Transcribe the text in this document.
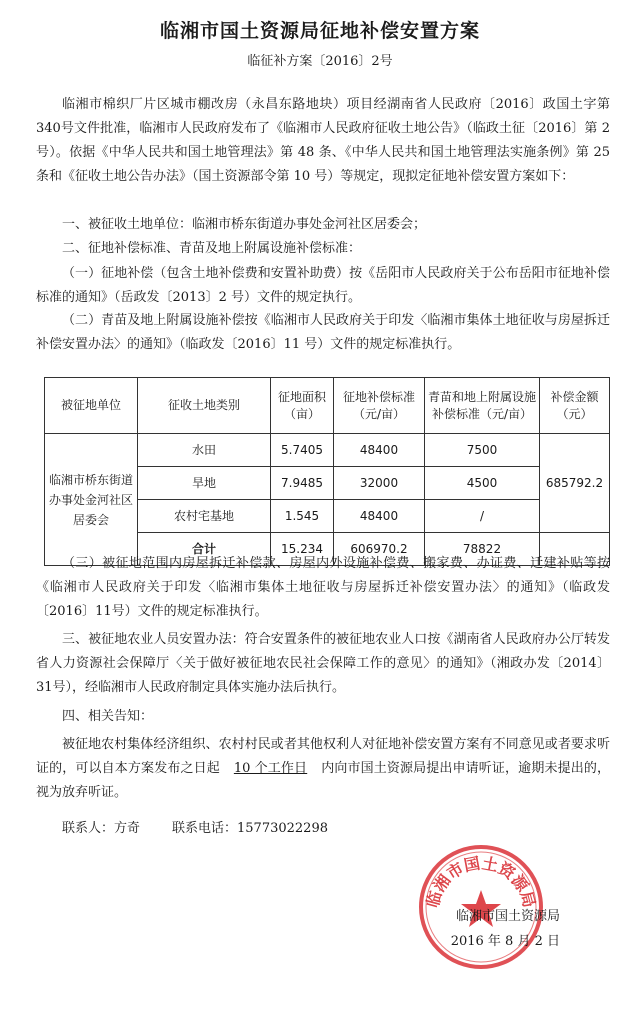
临湘市国土资源局征地补偿安置方案

临征补方案〔2016〕2号

临湘市棉织厂片区城市棚改房（永昌东路地块）项目经湖南省人民政府〔2016〕政国土字第 340号文件批准，临湘市人民政府发布了《临湘市人民政府征收土地公告》（临政土征〔2016〕第 2 号）。依据《中华人民共和国土地管理法》第 48 条、《中华人民共和国土地管理法实施条例》第 25 条和《征收土地公告办法》（国土资源部令第 10 号）等规定，现拟定征地补偿安置方案如下：

一、被征收土地单位：临湘市桥东街道办事处金河社区居委会；

二、征地补偿标准、青苗及地上附属设施补偿标准：

（一）征地补偿（包含土地补偿费和安置补助费）按《岳阳市人民政府关于公布岳阳市征地补偿标准的通知》（岳政发〔2013〕2 号）文件的规定执行。

（二）青苗及地上附属设施补偿按《临湘市人民政府关于印发〈临湘市集体土地征收与房屋拆迁补偿安置办法〉的通知》（临政发〔2016〕11 号）文件的规定标准执行。

被征地单位	征收土地类别	征地面积（亩）	征地补偿标准（元/亩）	青苗和地上附属设施补偿标准（元/亩）	补偿金额（元）
临湘市桥东街道办事处金河社区居委会	水田	5.7405	48400	7500	685792.2
	旱地	7.9485	32000	4500	
	农村宅基地	1.545	48400	/	
	合计	15.234	606970.2	78822	

（三）被征地范围内房屋拆迁补偿款、房屋内外设施补偿费、搬家费、办证费、迁建补贴等按《临湘市人民政府关于印发〈临湘市集体土地征收与房屋拆迁补偿安置办法〉的通知》（临政发〔2016〕11号）文件的规定标准执行。

三、被征地农业人员安置办法：符合安置条件的被征地农业人口按《湖南省人民政府办公厅转发省人力资源社会保障厅〈关于做好被征地农民社会保障工作的意见〉的通知》（湘政办发〔2014〕31号），经临湘市人民政府制定具体实施办法后执行。

四、相关告知：

被征地农村集体经济组织、农村村民或者其他权利人对征地补偿安置方案有不同意见或者要求听证的，可以自本方案发布之日起 10 个工作日 内向市国土资源局提出申请听证，逾期未提出的，视为放弃听证。

联系人：方奇 联系电话：15773022298

临湘市国土资源局

临湘市国土资源局

2016 年 8 月 2 日
